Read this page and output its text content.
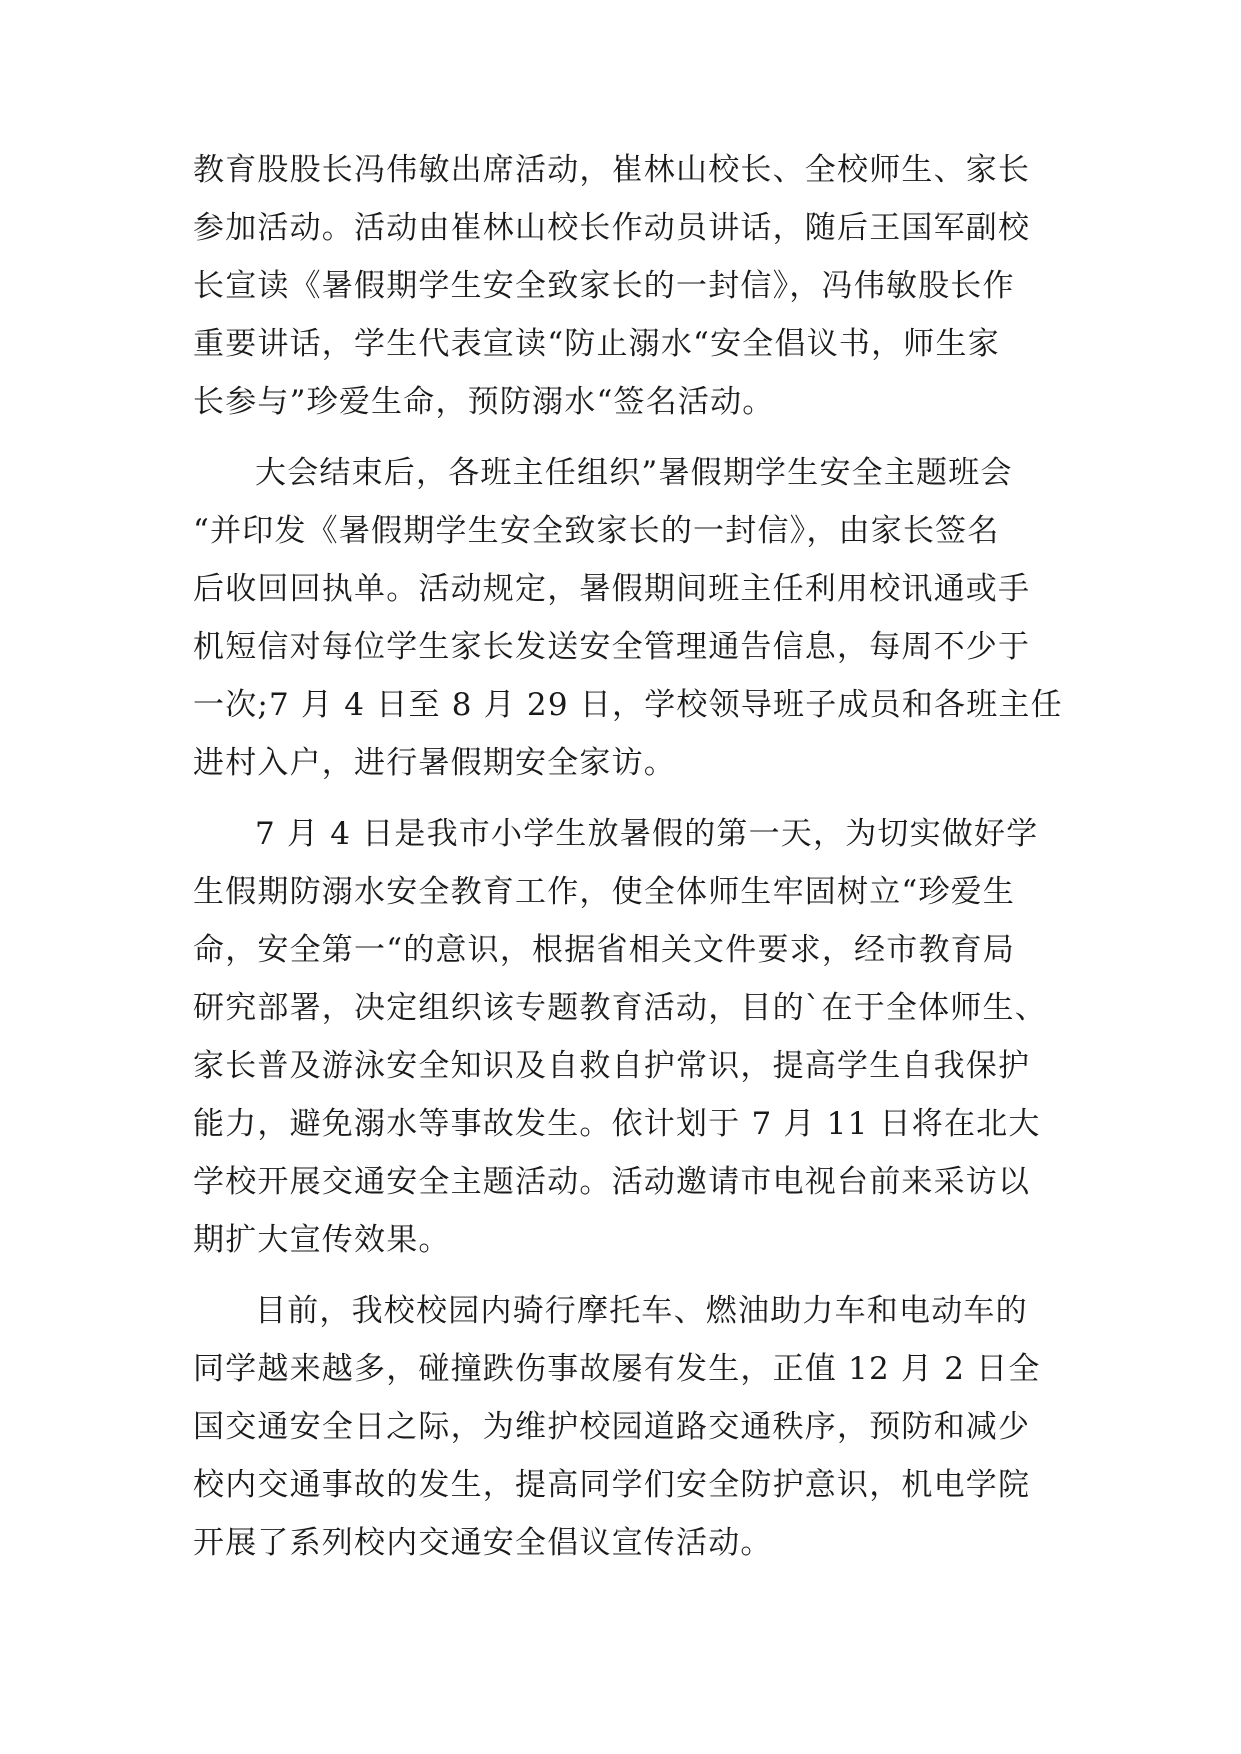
教育股股长冯伟敏出席活动，崔林山校长、全校师生、家长
参加活动。活动由崔林山校长作动员讲话，随后王国军副校
长宣读《暑假期学生安全致家长的一封信》，冯伟敏股长作
重要讲话，学生代表宣读“防止溺水“安全倡议书，师生家
长参与”珍爱生命，预防溺水“签名活动。
大会结束后，各班主任组织”暑假期学生安全主题班会
“并印发《暑假期学生安全致家长的一封信》，由家长签名
后收回回执单。活动规定，暑假期间班主任利用校讯通或手
机短信对每位学生家长发送安全管理通告信息，每周不少于
一次;7 月 4 日至 8 月 29 日，学校领导班子成员和各班主任
进村入户，进行暑假期安全家访。
7 月 4 日是我市小学生放暑假的第一天，为切实做好学
生假期防溺水安全教育工作，使全体师生牢固树立“珍爱生
命，安全第一“的意识，根据省相关文件要求，经市教育局
研究部署，决定组织该专题教育活动，目的`在于全体师生、
家长普及游泳安全知识及自救自护常识，提高学生自我保护
能力，避免溺水等事故发生。依计划于 7 月 11 日将在北大
学校开展交通安全主题活动。活动邀请市电视台前来采访以
期扩大宣传效果。
目前，我校校园内骑行摩托车、燃油助力车和电动车的
同学越来越多，碰撞跌伤事故屡有发生，正值 12 月 2 日全
国交通安全日之际，为维护校园道路交通秩序，预防和减少
校内交通事故的发生，提高同学们安全防护意识，机电学院
开展了系列校内交通安全倡议宣传活动。
